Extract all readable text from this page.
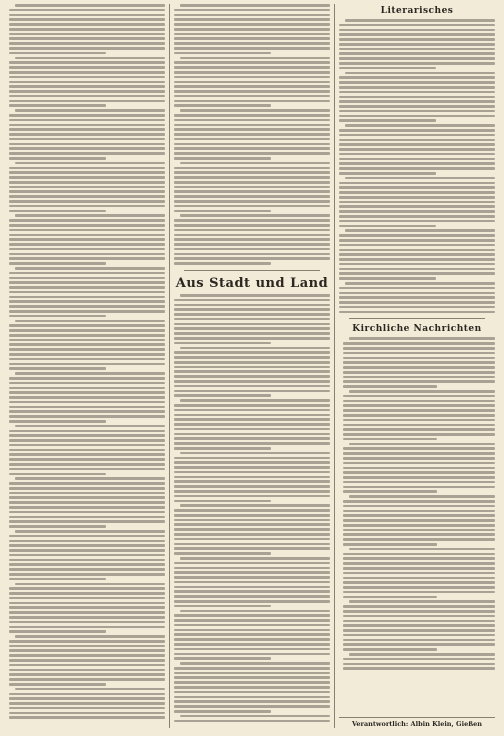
Aus Stadt und Land
Literarisches
Kirchliche Nachrichten
Verantwortlich: Albin Klein, Gießen
